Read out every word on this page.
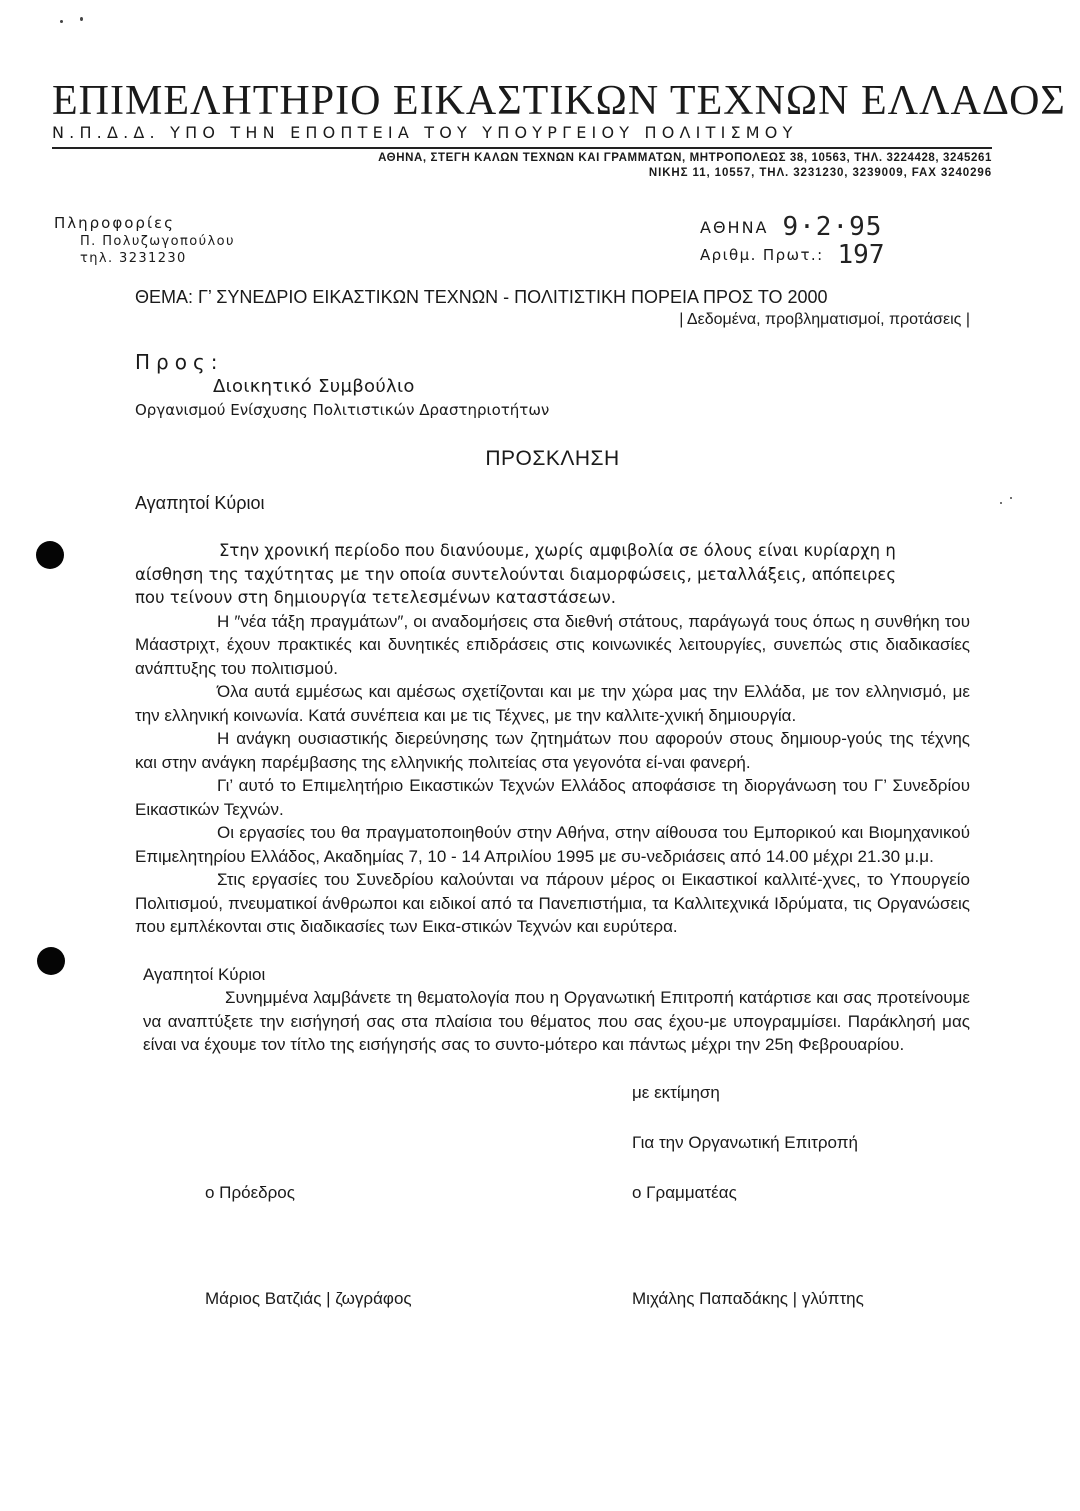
ΕΠΙΜΕΛΗΤΗΡΙΟ ΕΙΚΑΣΤΙΚΩΝ ΤΕΧΝΩΝ ΕΛΛΑΔΟΣ
Ν.Π.Δ.Δ. ΥΠΟ ΤΗΝ ΕΠΟΠΤΕΙΑ ΤΟΥ ΥΠΟΥΡΓΕΙΟΥ ΠΟΛΙΤΙΣΜΟΥ
ΑΘΗΝΑ, ΣΤΕΓΗ ΚΑΛΩΝ ΤΕΧΝΩΝ ΚΑΙ ΓΡΑΜΜΑΤΩΝ, ΜΗΤΡΟΠΟΛΕΩΣ 38, 10563, ΤΗΛ. 3224428, 3245261
ΝΙΚΗΣ 11, 10557, ΤΗΛ. 3231230, 3239009, FAX 3240296
Πληροφορίες
Π. Πολυζωγοπούλου
τηλ. 3231230
ΑΘΗΝΑ 9·2·95
Αριθμ. Πρωτ.: 197
ΘΕΜΑ: Γ’ ΣΥΝΕΔΡΙΟ ΕΙΚΑΣΤΙΚΩΝ ΤΕΧΝΩΝ - ΠΟΛΙΤΙΣΤΙΚΗ ΠΟΡΕΙΑ ΠΡΟΣ ΤΟ 2000
| Δεδομένα, προβληματισμοί, προτάσεις |
Προς:
Διοικητικό Συμβούλιο
Οργανισμού Ενίσχυσης Πολιτιστικών Δραστηριοτήτων
ΠΡΟΣΚΛΗΣΗ
Αγαπητοί Κύριοι
Στην χρονική περίοδο που διανύουμε, χωρίς αμφιβολία σε όλους είναι κυρίαρχη η
αίσθηση της ταχύτητας με την οποία συντελούνται διαμορφώσεις, μεταλλάξεις, απόπειρες
που τείνουν στη δημιουργία τετελεσμένων καταστάσεων.

Η ″νέα τάξη πραγμάτων″, οι αναδομήσεις στα διεθνή στάτους, παράγωγά τους όπως η συνθήκη του Μάαστριχτ, έχουν πρακτικές και δυνητικές επιδράσεις στις κοινωνικές λειτουργίες, συνεπώς στις διαδικασίες ανάπτυξης του πολιτισμού.

Όλα αυτά εμμέσως και αμέσως σχετίζονται και με την χώρα μας την Ελλάδα, με τον ελληνισμό, με την ελληνική κοινωνία. Κατά συνέπεια και με τις Τέχνες, με την καλλιτε-χνική δημιουργία.

Η ανάγκη ουσιαστικής διερεύνησης των ζητημάτων που αφορούν στους δημιουρ-γούς της τέχνης και στην ανάγκη παρέμβασης της ελληνικής πολιτείας στα γεγονότα εί-ναι φανερή.

Γι’ αυτό το Επιμελητήριο Εικαστικών Τεχνών Ελλάδος αποφάσισε τη διοργάνωση του Γ’ Συνεδρίου Εικαστικών Τεχνών.

Οι εργασίες του θα πραγματοποιηθούν στην Αθήνα, στην αίθουσα του Εμπορικού και Βιομηχανικού Επιμελητηρίου Ελλάδος, Ακαδημίας 7, 10 - 14 Απριλίου 1995 με συ-νεδριάσεις από 14.00 μέχρι 21.30 μ.μ.

Στις εργασίες του Συνεδρίου καλούνται να πάρουν μέρος οι Εικαστικοί καλλιτέ-χνες, το Υπουργείο Πολιτισμού, πνευματικοί άνθρωποι και ειδικοί από τα Πανεπιστήμια, τα Καλλιτεχνικά Ιδρύματα, τις Οργανώσεις που εμπλέκονται στις διαδικασίες των Εικα-στικών Τεχνών και ευρύτερα.

Αγαπητοί Κύριοι

Συνημμένα λαμβάνετε τη θεματολογία που η Οργανωτική Επιτροπή κατάρτισε και σας προτείνουμε να αναπτύξετε την εισήγησή σας στα πλαίσια του θέματος που σας έχου-με υπογραμμίσει. Παράκλησή μας είναι να έχουμε τον τίτλο της εισήγησής σας το συντο-μότερο και πάντως μέχρι την 25η Φεβρουαρίου.

με εκτίμηση
Για την Οργανωτική Επιτροπή
ο Πρόεδρος	ο Γραμματέας
Μάριος Βατζιάς | ζωγράφος	Μιχάλης Παπαδάκης | γλύπτης
